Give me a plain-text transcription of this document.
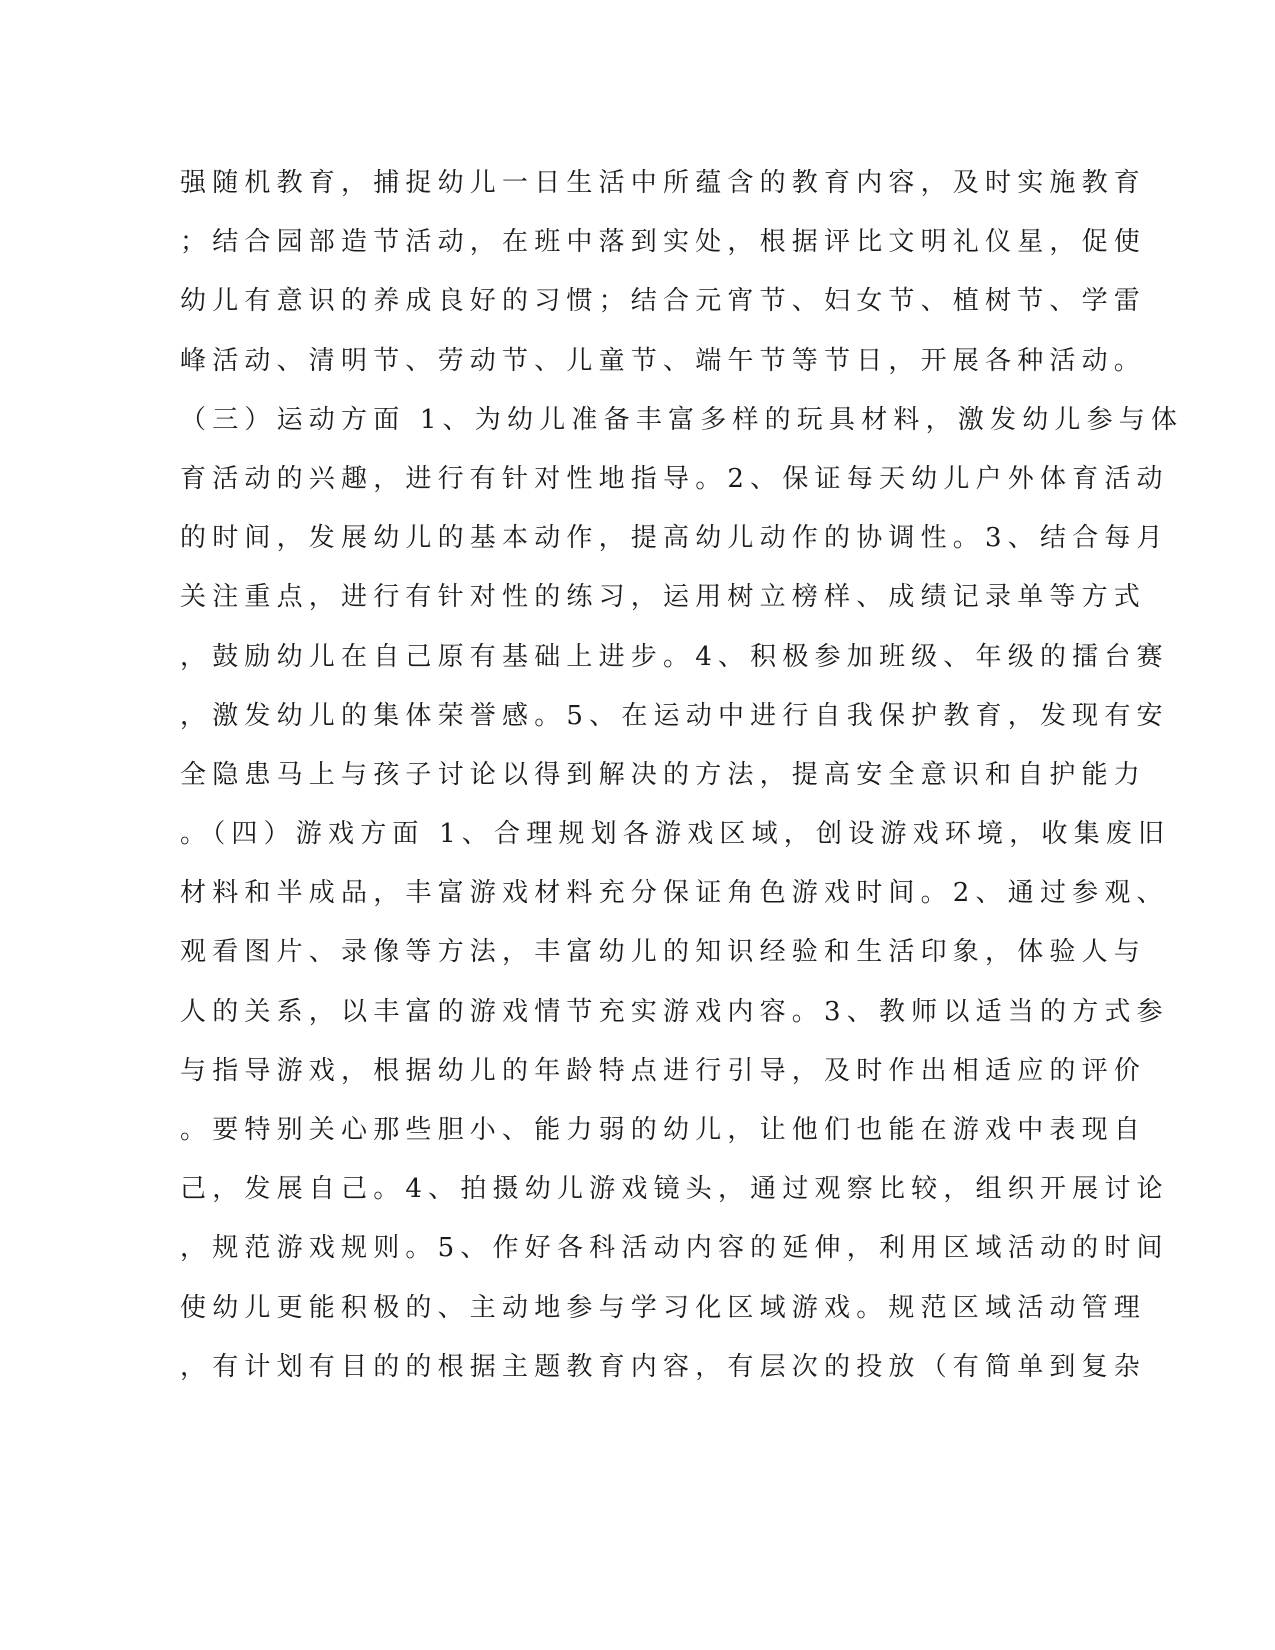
强随机教育，捕捉幼儿一日生活中所蕴含的教育内容，及时实施教育
；结合园部造节活动，在班中落到实处，根据评比文明礼仪星，促使
幼儿有意识的养成良好的习惯；结合元宵节、妇女节、植树节、学雷
峰活动、清明节、劳动节、儿童节、端午节等节日，开展各种活动。
（三）运动方面 1、为幼儿准备丰富多样的玩具材料，激发幼儿参与体
育活动的兴趣，进行有针对性地指导。2、保证每天幼儿户外体育活动
的时间，发展幼儿的基本动作，提高幼儿动作的协调性。3、结合每月
关注重点，进行有针对性的练习，运用树立榜样、成绩记录单等方式
，鼓励幼儿在自己原有基础上进步。4、积极参加班级、年级的擂台赛
，激发幼儿的集体荣誉感。5、在运动中进行自我保护教育，发现有安
全隐患马上与孩子讨论以得到解决的方法，提高安全意识和自护能力
。（四）游戏方面 1、合理规划各游戏区域，创设游戏环境，收集废旧
材料和半成品，丰富游戏材料充分保证角色游戏时间。2、通过参观、
观看图片、录像等方法，丰富幼儿的知识经验和生活印象，体验人与
人的关系，以丰富的游戏情节充实游戏内容。3、教师以适当的方式参
与指导游戏，根据幼儿的年龄特点进行引导，及时作出相适应的评价
。要特别关心那些胆小、能力弱的幼儿，让他们也能在游戏中表现自
己，发展自己。4、拍摄幼儿游戏镜头，通过观察比较，组织开展讨论
，规范游戏规则。5、作好各科活动内容的延伸，利用区域活动的时间
使幼儿更能积极的、主动地参与学习化区域游戏。规范区域活动管理
，有计划有目的的根据主题教育内容，有层次的投放（有简单到复杂
